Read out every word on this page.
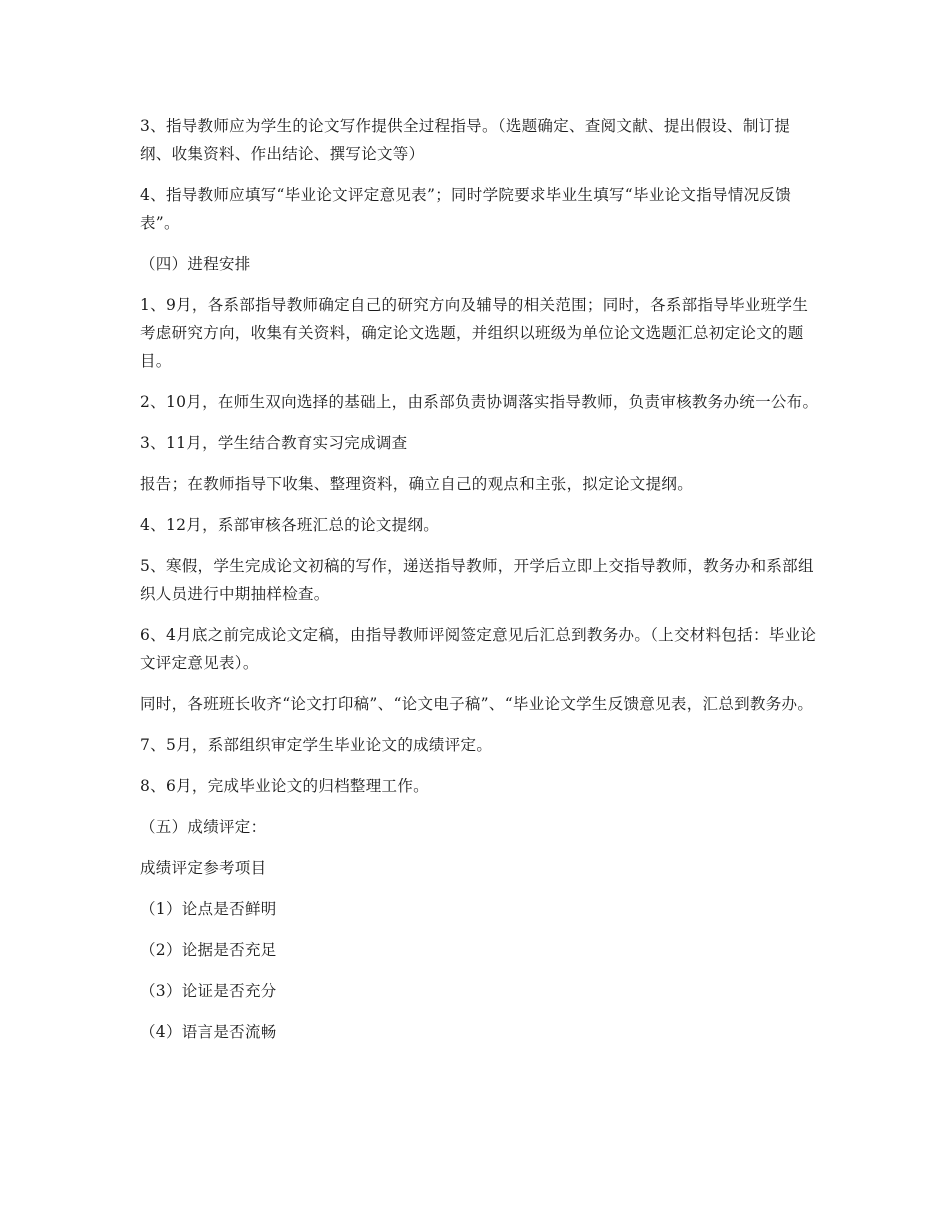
3、指导教师应为学生的论文写作提供全过程指导。（选题确定、查阅文献、提出假设、制订提纲、收集资料、作出结论、撰写论文等）

4、指导教师应填写“毕业论文评定意见表”；同时学院要求毕业生填写“毕业论文指导情况反馈表”。

（四）进程安排

1、9月，各系部指导教师确定自己的研究方向及辅导的相关范围；同时，各系部指导毕业班学生考虑研究方向，收集有关资料，确定论文选题，并组织以班级为单位论文选题汇总初定论文的题目。

2、10月，在师生双向选择的基础上，由系部负责协调落实指导教师，负责审核教务办统一公布。

3、11月，学生结合教育实习完成调查

报告；在教师指导下收集、整理资料，确立自己的观点和主张，拟定论文提纲。

4、12月，系部审核各班汇总的论文提纲。

5、寒假，学生完成论文初稿的写作，递送指导教师，开学后立即上交指导教师，教务办和系部组织人员进行中期抽样检查。

6、4月底之前完成论文定稿，由指导教师评阅签定意见后汇总到教务办。（上交材料包括：毕业论文评定意见表）。

同时，各班班长收齐“论文打印稿”、“论文电子稿”、“毕业论文学生反馈意见表，汇总到教务办。

7、5月，系部组织审定学生毕业论文的成绩评定。

8、6月，完成毕业论文的归档整理工作。

（五）成绩评定：

成绩评定参考项目

（1）论点是否鲜明

（2）论据是否充足

（3）论证是否充分

（4）语言是否流畅
